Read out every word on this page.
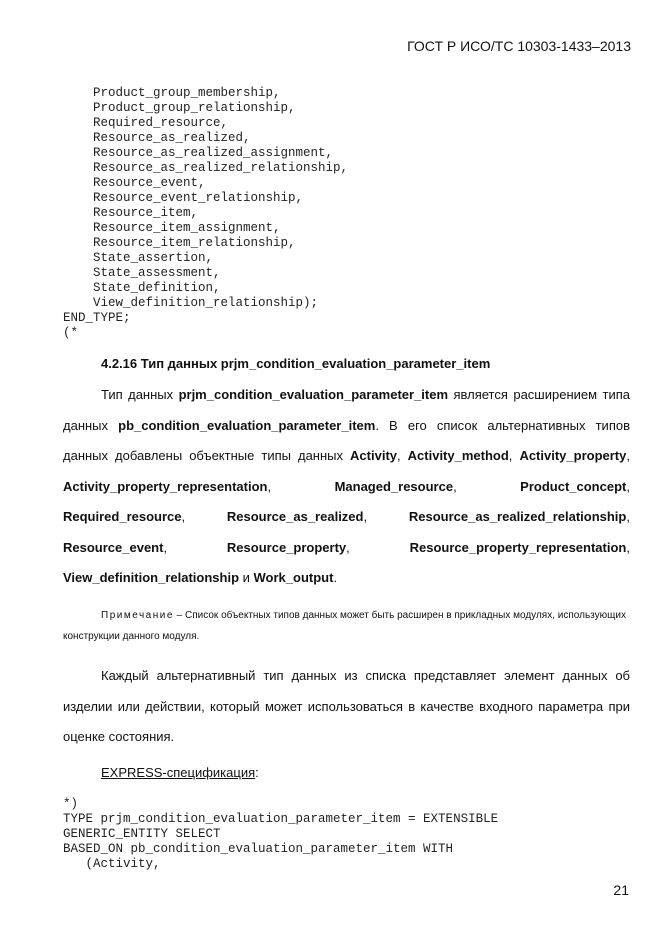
ГОСТ Р ИСО/ТС 10303-1433–2013
Product_group_membership,
Product_group_relationship,
Required_resource,
Resource_as_realized,
Resource_as_realized_assignment,
Resource_as_realized_relationship,
Resource_event,
Resource_event_relationship,
Resource_item,
Resource_item_assignment,
Resource_item_relationship,
State_assertion,
State_assessment,
State_definition,
View_definition_relationship);
END_TYPE;
(*
4.2.16 Тип данных prjm_condition_evaluation_parameter_item
Тип данных prjm_condition_evaluation_parameter_item является расширением типа данных pb_condition_evaluation_parameter_item. В его список альтернативных типов данных добавлены объектные типы данных Activity, Activity_method, Activity_property, Activity_property_representation, Managed_resource, Product_concept, Required_resource, Resource_as_realized, Resource_as_realized_relationship, Resource_event, Resource_property, Resource_property_representation, View_definition_relationship и Work_output.
Примечание – Список объектных типов данных может быть расширен в прикладных модулях, использующих конструкции данного модуля.
Каждый альтернативный тип данных из списка представляет элемент данных об изделии или действии, который может использоваться в качестве входного параметра при оценке состояния.
EXPRESS-спецификация:
*)
TYPE prjm_condition_evaluation_parameter_item = EXTENSIBLE
GENERIC_ENTITY SELECT
BASED_ON pb_condition_evaluation_parameter_item WITH
(Activity,
21
